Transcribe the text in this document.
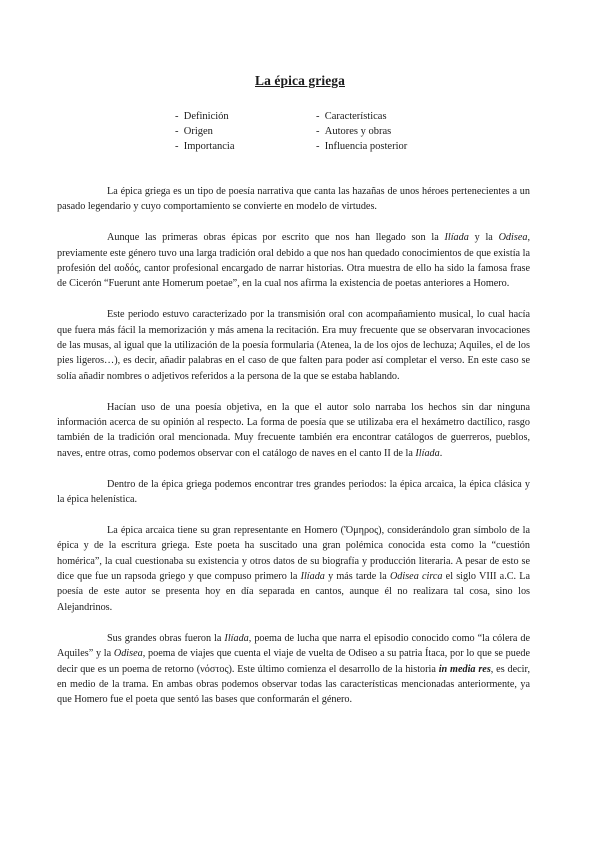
La épica griega
-  Definición
-  Origen
-  Importancia
-  Características
-  Autores y obras
-  Influencia posterior

La épica griega es un tipo de poesía narrativa que canta las hazañas de unos héroes pertenecientes a un pasado legendario y cuyo comportamiento se convierte en modelo de virtudes.

Aunque las primeras obras épicas por escrito que nos han llegado son la Ilíada y la Odisea, previamente este género tuvo una larga tradición oral debido a que nos han quedado conocimientos de que existía la profesión del αοδός, cantor profesional encargado de narrar historias. Otra muestra de ello ha sido la famosa frase de Cicerón “Fuerunt ante Homerum poetae”, en la cual nos afirma la existencia de poetas anteriores a Homero.

Este periodo estuvo caracterizado por la transmisión oral con acompañamiento musical, lo cual hacía que fuera más fácil la memorización y más amena la recitación. Era muy frecuente que se observaran invocaciones de las musas, al igual que la utilización de la poesía formularia (Atenea, la de los ojos de lechuza; Aquiles, el de los pies ligeros…), es decir, añadir palabras en el caso de que falten para poder así completar el verso. En este caso se solía añadir nombres o adjetivos referidos a la persona de la que se estaba hablando.

Hacían uso de una poesía objetiva, en la que el autor solo narraba los hechos sin dar ninguna información acerca de su opinión al respecto. La forma de poesía que se utilizaba era el hexámetro dactílico, rasgo también de la tradición oral mencionada. Muy frecuente también era encontrar catálogos de guerreros, pueblos, naves, entre otras, como podemos observar con el catálogo de naves en el canto II de la Ilíada.

Dentro de la épica griega podemos encontrar tres grandes periodos: la épica arcaica, la épica clásica y la épica helenística.

La épica arcaica tiene su gran representante en Homero (Ὅμηρος), considerándolo gran símbolo de la épica y de la escritura griega. Este poeta ha suscitado una gran polémica conocida esta como la “cuestión homérica”, la cual cuestionaba su existencia y otros datos de su biografía y producción literaria. A pesar de esto se dice que fue un rapsoda griego y que compuso primero la Ilíada y más tarde la Odisea circa el siglo VIII a.C. La poesía de este autor se presenta hoy en día separada en cantos, aunque él no realizara tal cosa, sino los Alejandrinos.

Sus grandes obras fueron la Ilíada, poema de lucha que narra el episodio conocido como “la cólera de Aquiles” y la Odisea, poema de viajes que cuenta el viaje de vuelta de Odiseo a su patria Ítaca, por lo que se puede decir que es un poema de retorno (νόστος). Este último comienza el desarrollo de la historia in media res, es decir, en medio de la trama. En ambas obras podemos observar todas las características mencionadas anteriormente, ya que Homero fue el poeta que sentó las bases que conformarán el género.
